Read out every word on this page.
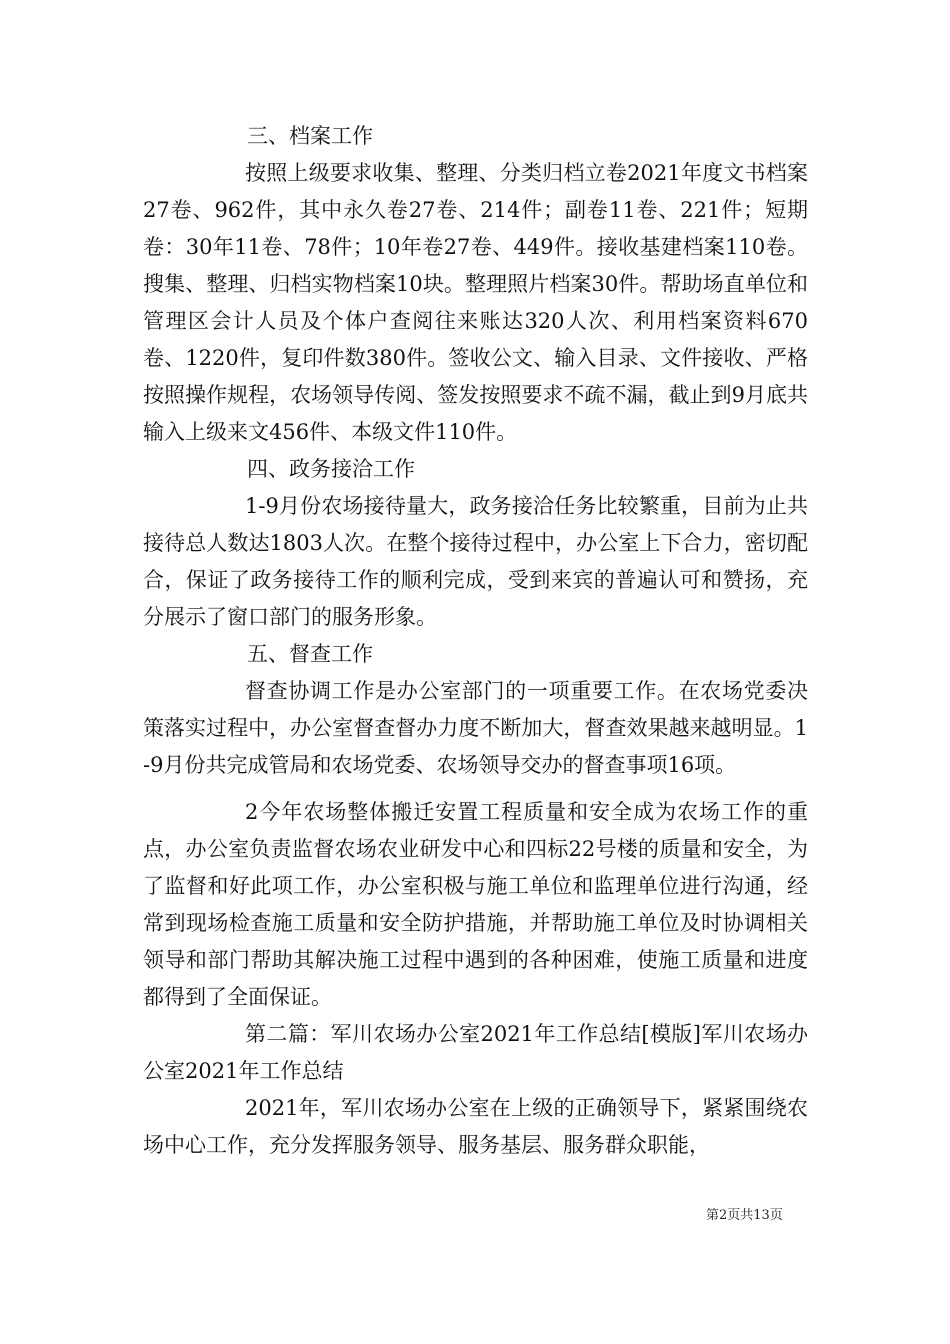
三、档案工作

按照上级要求收集、整理、分类归档立卷2021年度文书档案27卷、962件，其中永久卷27卷、214件；副卷11卷、221件；短期卷：30年11卷、78件；10年卷27卷、449件。接收基建档案110卷。搜集、整理、归档实物档案10块。整理照片档案30件。帮助场直单位和管理区会计人员及个体户查阅往来账达320人次、利用档案资料670卷、1220件，复印件数380件。签收公文、输入目录、文件接收、严格按照操作规程，农场领导传阅、签发按照要求不疏不漏，截止到9月底共输入上级来文456件、本级文件110件。

四、政务接洽工作

1-9月份农场接待量大，政务接洽任务比较繁重，目前为止共接待总人数达1803人次。在整个接待过程中，办公室上下合力，密切配合，保证了政务接待工作的顺利完成，受到来宾的普遍认可和赞扬，充分展示了窗口部门的服务形象。

五、督查工作

督查协调工作是办公室部门的一项重要工作。在农场党委决策落实过程中，办公室督查督办力度不断加大，督查效果越来越明显。1-9月份共完成管局和农场党委、农场领导交办的督查事项16项。

2今年农场整体搬迁安置工程质量和安全成为农场工作的重点，办公室负责监督农场农业研发中心和四标22号楼的质量和安全，为了监督和好此项工作，办公室积极与施工单位和监理单位进行沟通，经常到现场检查施工质量和安全防护措施，并帮助施工单位及时协调相关领导和部门帮助其解决施工过程中遇到的各种困难，使施工质量和进度都得到了全面保证。

第二篇：军川农场办公室2021年工作总结[模版]军川农场办公室2021年工作总结

2021年，军川农场办公室在上级的正确领导下，紧紧围绕农场中心工作，充分发挥服务领导、服务基层、服务群众职能，

第2页共13页
